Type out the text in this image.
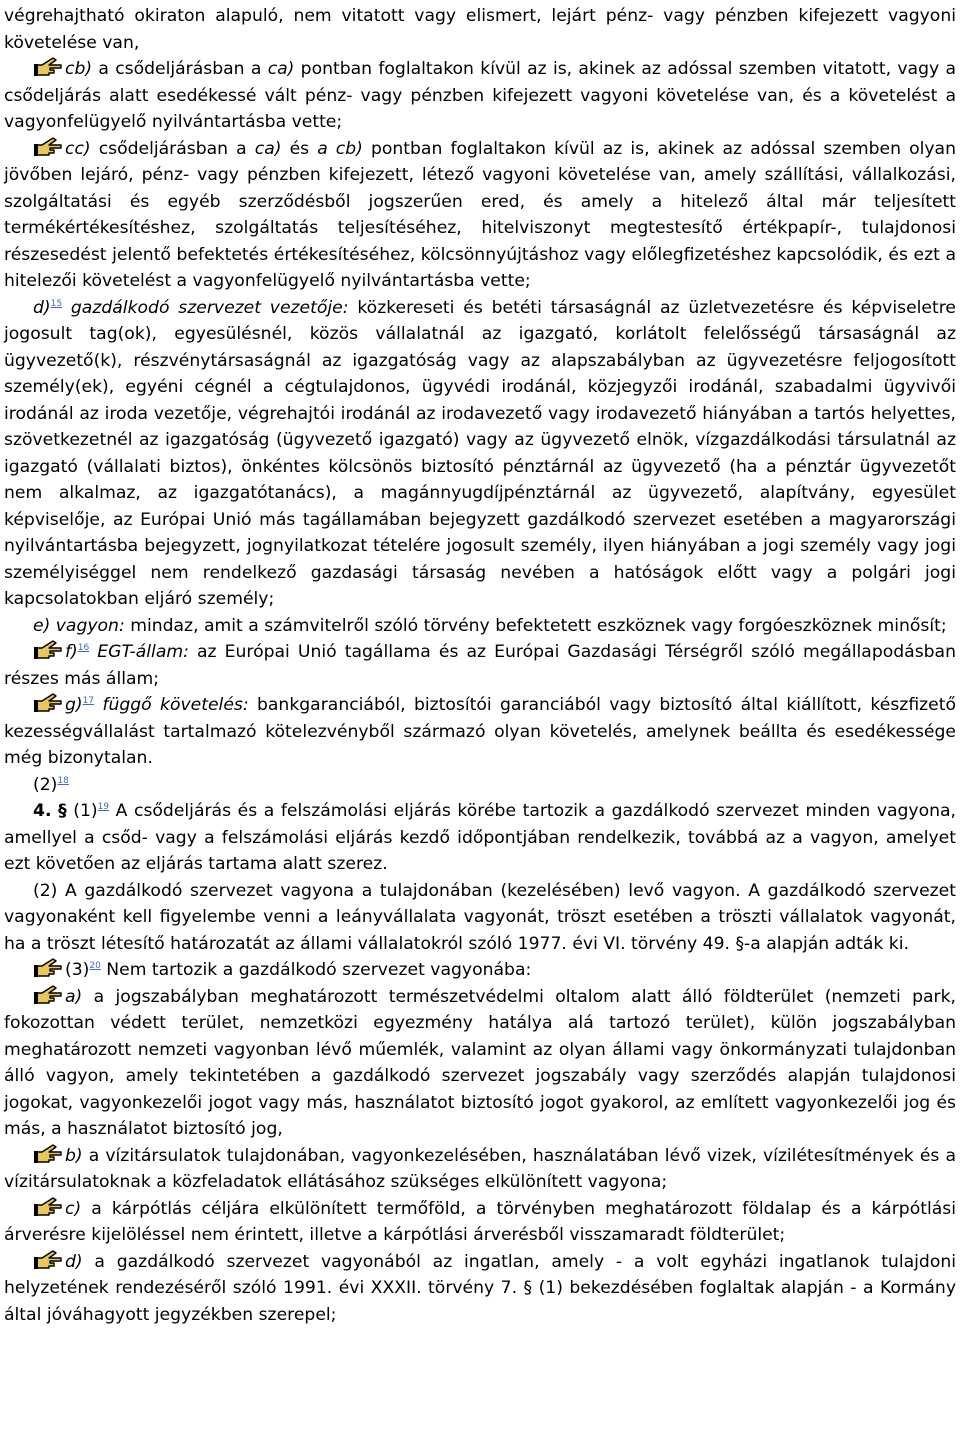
végrehajtható okiraton alapuló, nem vitatott vagy elismert, lejárt pénz- vagy pénzben kifejezett vagyoni követelése van,

cb) a csődeljárásban a ca) pontban foglaltakon kívül az is, akinek az adóssal szemben vitatott, vagy a csődeljárás alatt esedékessé vált pénz- vagy pénzben kifejezett vagyoni követelése van, és a követelést a vagyonfelügyelő nyilvántartásba vette;

cc) csődeljárásban a ca) és a cb) pontban foglaltakon kívül az is, akinek az adóssal szemben olyan jövőben lejáró, pénz- vagy pénzben kifejezett, létező vagyoni követelése van, amely szállítási, vállalkozási, szolgáltatási és egyéb szerződésből jogszerűen ered, és amely a hitelező által már teljesített termékértékesítéshez, szolgáltatás teljesítéséhez, hitelviszonyt megtestesítő értékpapír-, tulajdonosi részesedést jelentő befektetés értékesítéséhez, kölcsönnyújtáshoz vagy előlegfizetéshez kapcsolódik, és ezt a hitelezői követelést a vagyonfelügyelő nyilvántartásba vette;

d)$^{15}$ gazdálkodó szervezet vezetője: közkereseti és betéti társaságnál az üzletvezetésre és képviseletre jogosult tag(ok), egyesülésnél, közös vállalatnál az igazgató, korlátolt felelősségű társaságnál az ügyvezető(k), részvénytársaságnál az igazgatóság vagy az alapszabályban az ügyvezetésre feljogosított személy(ek), egyéni cégnél a cégtulajdonos, ügyvédi irodánál, közjegyzői irodánál, szabadalmi ügyvivői irodánál az iroda vezetője, végrehajtói irodánál az irodavezető vagy irodavezető hiányában a tartós helyettes, szövetkezetnél az igazgatóság (ügyvezető igazgató) vagy az ügyvezető elnök, vízgazdálkodási társulatnál az igazgató (vállalati biztos), önkéntes kölcsönös biztosító pénztárnál az ügyvezető (ha a pénztár ügyvezetőt nem alkalmaz, az igazgatótanács), a magánnyugdíjpénztárnál az ügyvezető, alapítvány, egyesület képviselője, az Európai Unió más tagállamában bejegyzett gazdálkodó szervezet esetében a magyarországi nyilvántartásba bejegyzett, jognyilatkozat tételére jogosult személy, ilyen hiányában a jogi személy vagy jogi személyiséggel nem rendelkező gazdasági társaság nevében a hatóságok előtt vagy a polgári jogi kapcsolatokban eljáró személy;

e) vagyon: mindaz, amit a számvitelről szóló törvény befektetett eszköznek vagy forgóeszköznek minősít;

f)$^{16}$ EGT-állam: az Európai Unió tagállama és az Európai Gazdasági Térségről szóló megállapodásban részes más állam;

g)$^{17}$ függő követelés: bankgaranciából, biztosítói garanciából vagy biztosító által kiállított, készfizető kezességvállalást tartalmazó kötelezvényből származó olyan követelés, amelynek beállta és esedékessége még bizonytalan.

(2)$^{18}$

4. § (1)$^{19}$ A csődeljárás és a felszámolási eljárás körébe tartozik a gazdálkodó szervezet minden vagyona, amellyel a csőd- vagy a felszámolási eljárás kezdő időpontjában rendelkezik, továbbá az a vagyon, amelyet ezt követően az eljárás tartama alatt szerez.

(2) A gazdálkodó szervezet vagyona a tulajdonában (kezelésében) levő vagyon. A gazdálkodó szervezet vagyonaként kell figyelembe venni a leányvállalata vagyonát, tröszt esetében a tröszti vállalatok vagyonát, ha a tröszt létesítő határozatát az állami vállalatokról szóló 1977. évi VI. törvény 49. §-a alapján adták ki.

(3)$^{20}$ Nem tartozik a gazdálkodó szervezet vagyonába:

a) a jogszabályban meghatározott természetvédelmi oltalom alatt álló földterület (nemzeti park, fokozottan védett terület, nemzetközi egyezmény hatálya alá tartozó terület), külön jogszabályban meghatározott nemzeti vagyonban lévő műemlék, valamint az olyan állami vagy önkormányzati tulajdonban álló vagyon, amely tekintetében a gazdálkodó szervezet jogszabály vagy szerződés alapján tulajdonosi jogokat, vagyonkezelői jogot vagy más, használatot biztosító jogot gyakorol, az említett vagyonkezelői jog és más, a használatot biztosító jog,

b) a vízitársulatok tulajdonában, vagyonkezelésében, használatában lévő vizek, vízilétesítmények és a vízitársulatoknak a közfeladatok ellátásához szükséges elkülönített vagyona;

c) a kárpótlás céljára elkülönített termőföld, a törvényben meghatározott földalap és a kárpótlási árverésre kijelöléssel nem érintett, illetve a kárpótlási árverésből visszamaradt földterület;

d) a gazdálkodó szervezet vagyonából az ingatlan, amely - a volt egyházi ingatlanok tulajdoni helyzetének rendezéséről szóló 1991. évi XXXII. törvény 7. § (1) bekezdésében foglaltak alapján - a Kormány által jóváhagyott jegyzékben szerepel;
